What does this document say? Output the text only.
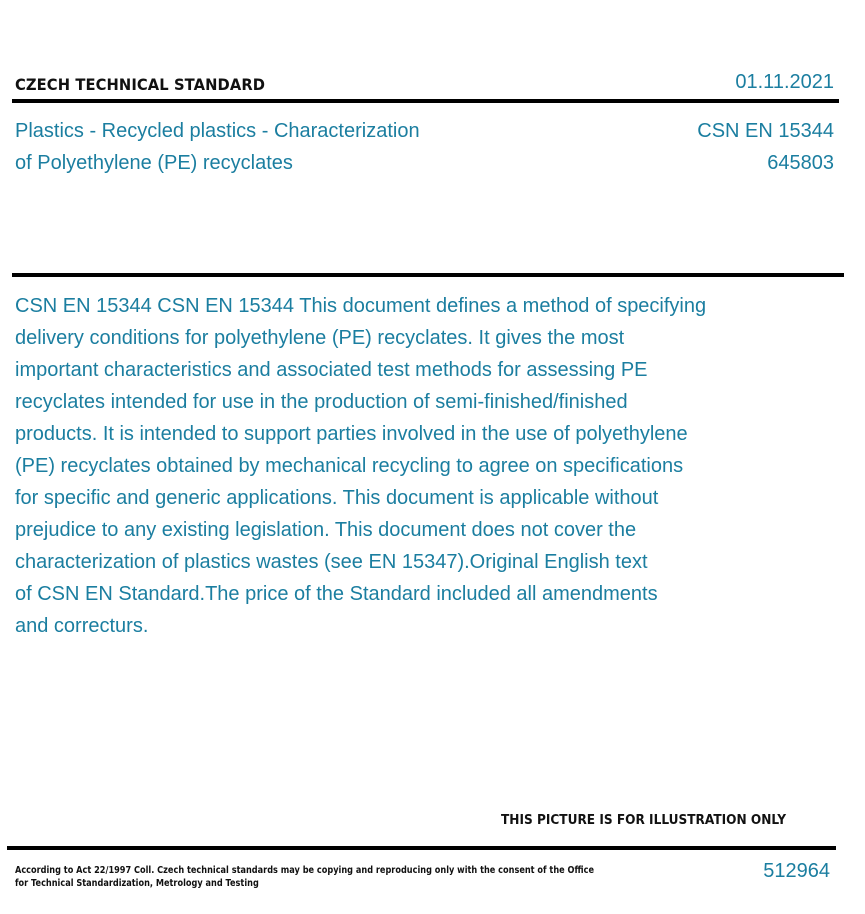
CZECH TECHNICAL STANDARD	01.11.2021
Plastics - Recycled plastics - Characterization
of Polyethylene (PE) recyclates
CSN EN 15344
645803
CSN EN 15344 CSN EN 15344 This document defines a method of specifying
delivery conditions for polyethylene (PE) recyclates. It gives the most
important characteristics and associated test methods for assessing PE
recyclates intended for use in the production of semi-finished/finished
products. It is intended to support parties involved in the use of polyethylene
(PE) recyclates obtained by mechanical recycling to agree on specifications
for specific and generic applications. This document is applicable without
prejudice to any existing legislation. This document does not cover the
characterization of plastics wastes (see EN 15347).Original English text
of CSN EN Standard.The price of the Standard included all amendments
and correcturs.
THIS PICTURE IS FOR ILLUSTRATION ONLY
According to Act 22/1997 Coll. Czech technical standards may be copying and reproducing only with the consent of the Office
for Technical Standardization, Metrology and Testing
512964
